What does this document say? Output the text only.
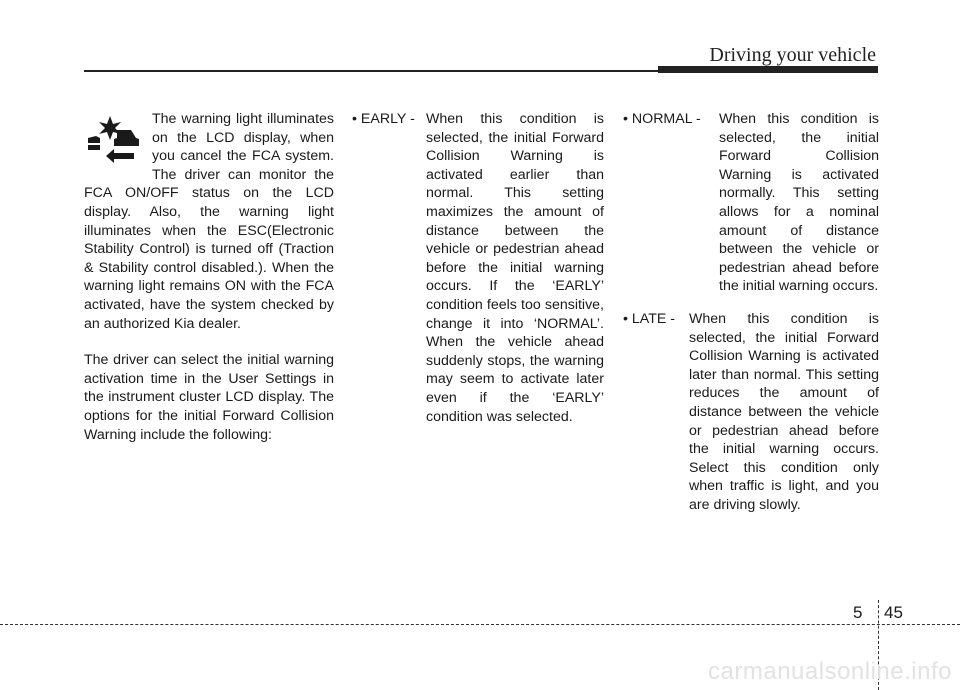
Driving your vehicle

The warning light illuminates on the LCD display, when you cancel the FCA system. The driver can monitor the FCA ON/OFF status on the LCD display. Also, the warning light illuminates when the ESC(Electronic Stability Control) is turned off (Traction & Stability control disabled.). When the warning light remains ON with the FCA activated, have the system checked by an authorized Kia dealer.

The driver can select the initial warning activation time in the User Settings in the instrument cluster LCD display. The options for the initial Forward Collision Warning include the following:

• EARLY - When this condition is selected, the initial Forward Collision Warning is activated earlier than normal. This setting maximizes the amount of distance between the vehicle or pedestrian ahead before the initial warning occurs. If the ‘EARLY’ condition feels too sensitive, change it into ‘NORMAL’. When the vehicle ahead suddenly stops, the warning may seem to activate later even if the ‘EARLY’ condition was selected.
• NORMAL -	When this condition is selected, the initial Forward Collision Warning is activated normally. This setting allows for a nominal amount of distance between the vehicle or pedestrian ahead before the initial warning occurs.
• LATE - When this condition is selected, the initial Forward Collision Warning is activated later than normal. This setting reduces the amount of distance between the vehicle or pedestrian ahead before the initial warning occurs. Select this condition only when traffic is light, and you are driving slowly.
5 45
carmanualsonline.info
